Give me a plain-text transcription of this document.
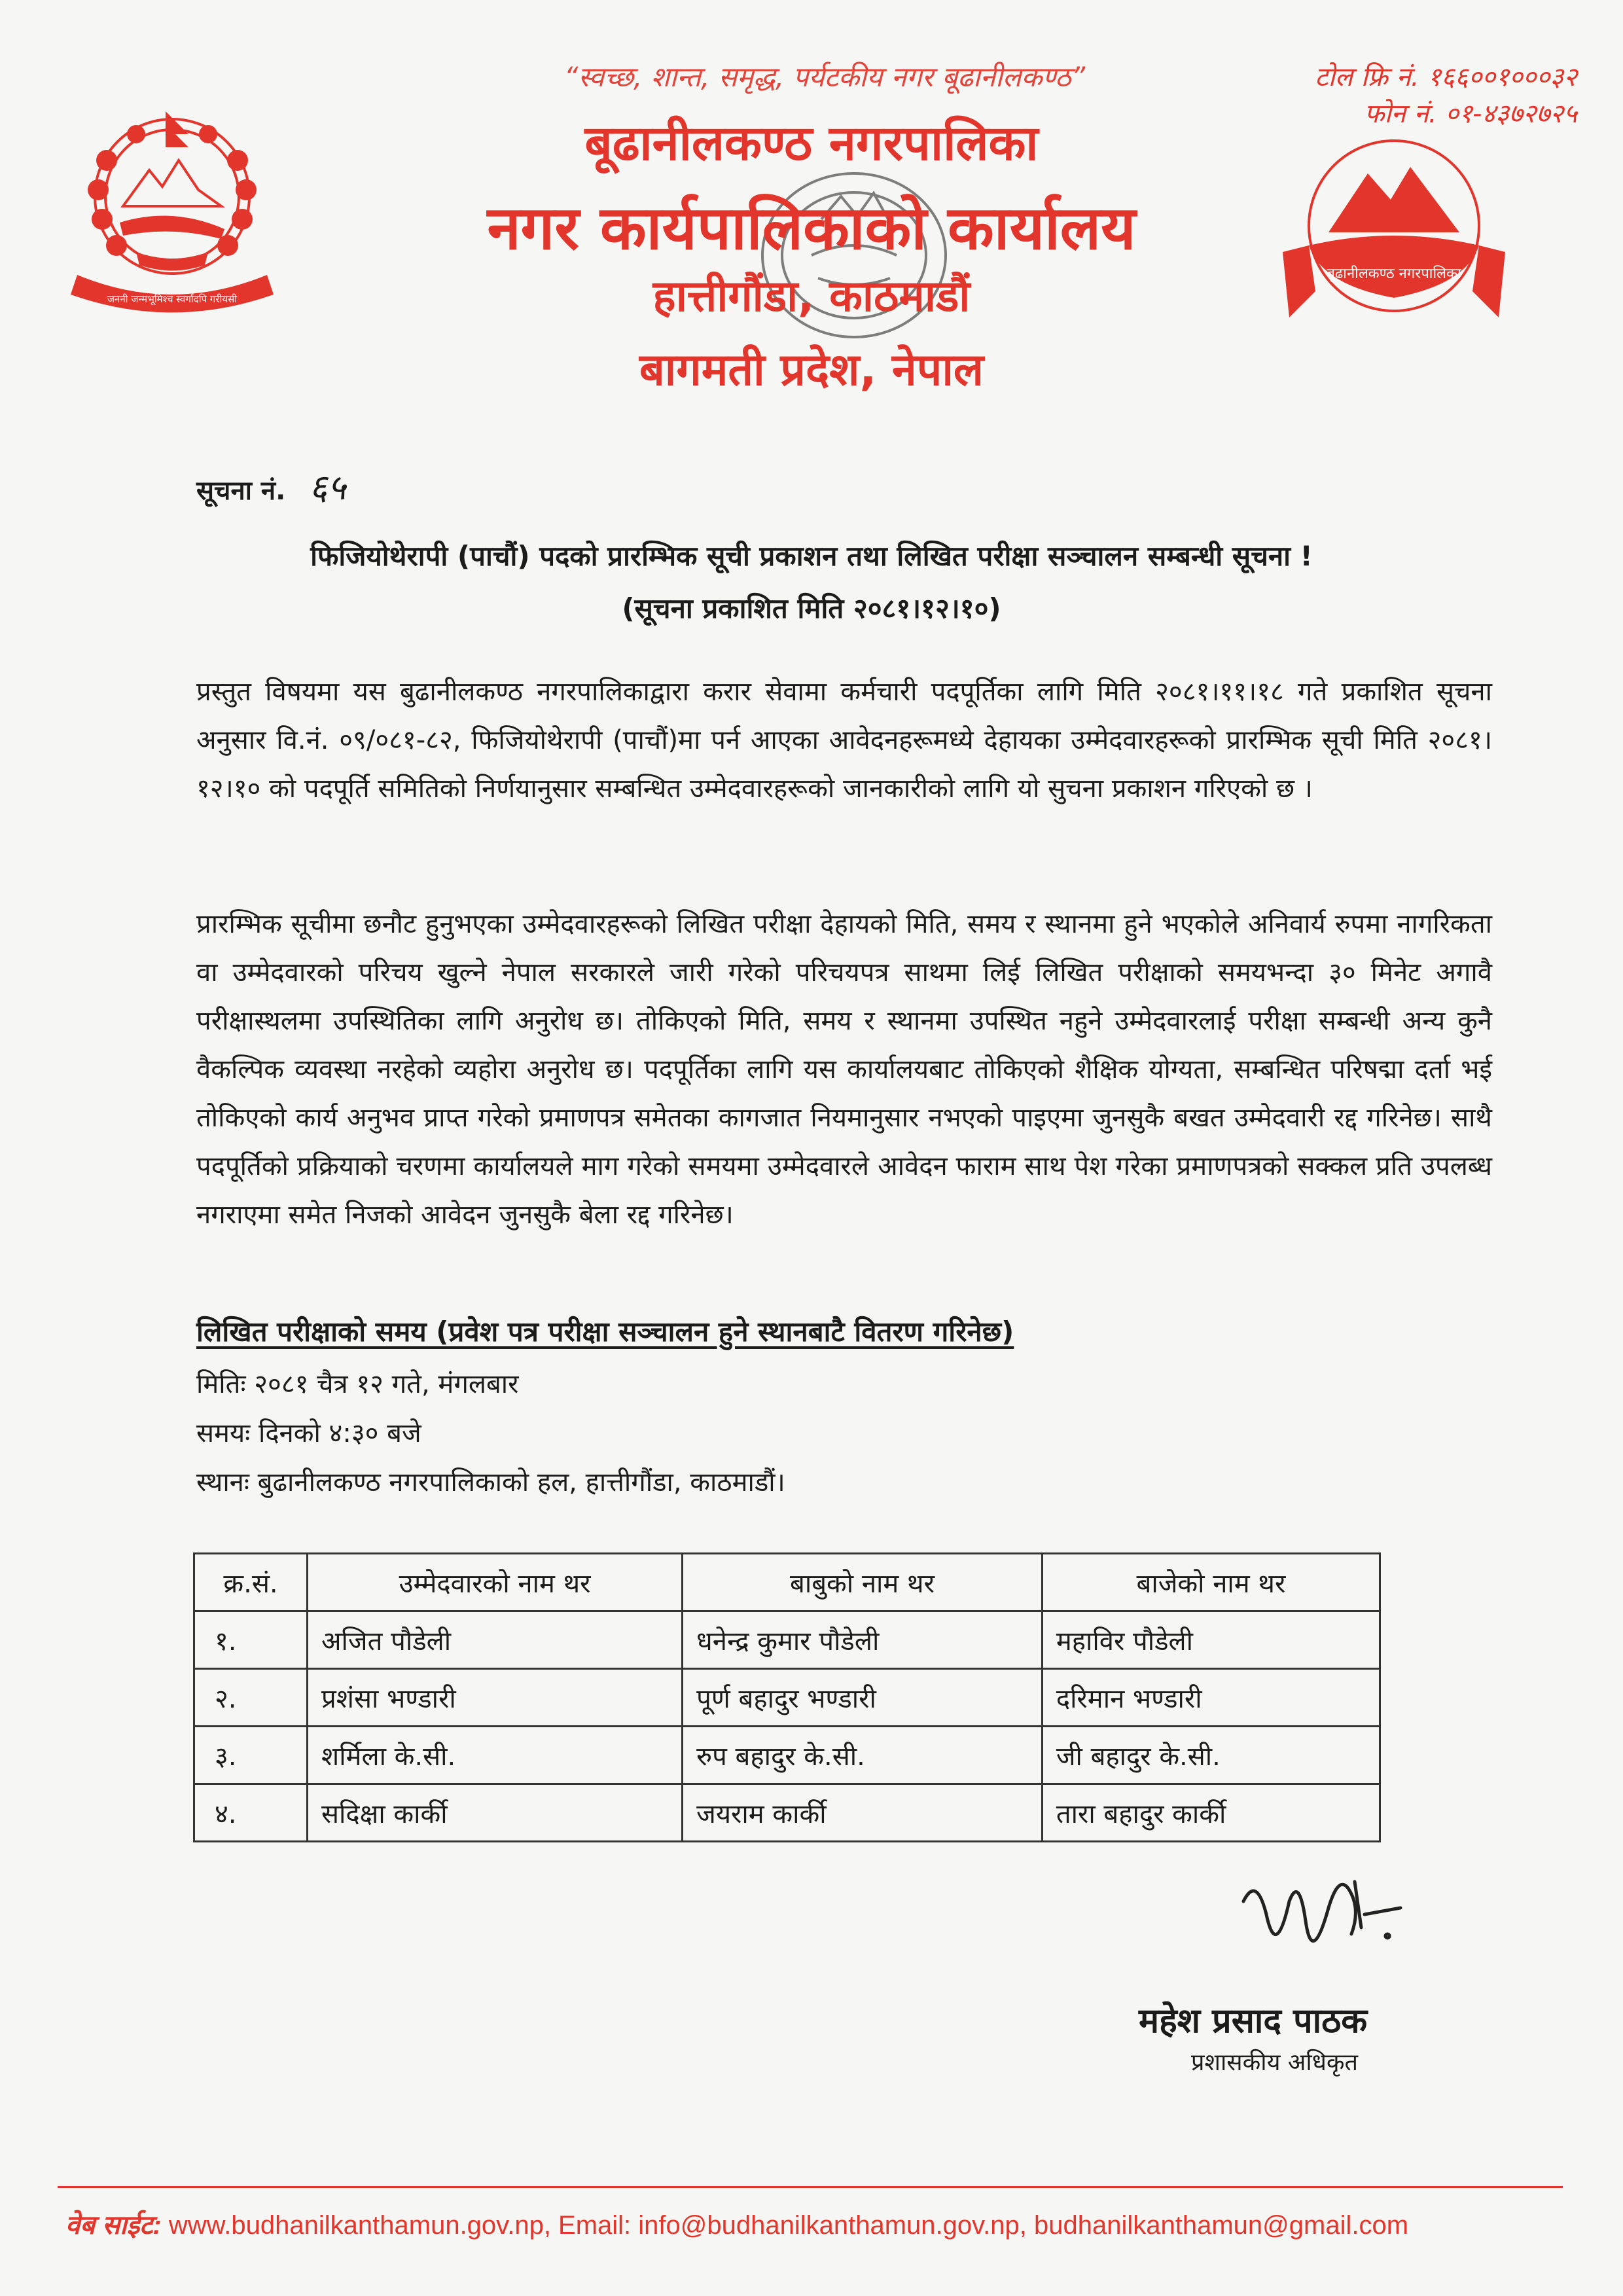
जननी जन्मभूमिश्च स्वर्गादपि गरीयसी
बूढानीलकण्ठ नगरपालिका
“स्वच्छ, शान्त, समृद्ध, पर्यटकीय नगर बूढानीलकण्ठ”	टोल फ्रि नं. १६६००१०००३२
फोन नं. ०१-४३७२७२५
बूढानीलकण्ठ नगरपालिका
नगर कार्यपालिकाको कार्यालय
हात्तीगौंडा, काठमाडौं
बागमती प्रदेश, नेपाल
सूचना नं. ६५
फिजियोथेरापी (पाचौं) पदको प्रारम्भिक सूची प्रकाशन तथा लिखित परीक्षा सञ्चालन सम्बन्धी सूचना !
(सूचना प्रकाशित मिति २०८१।१२।१०)

प्रस्तुत विषयमा यस बुढानीलकण्ठ नगरपालिकाद्वारा करार सेवामा कर्मचारी पदपूर्तिका लागि मिति २०८१।११।१८ गते प्रकाशित सूचना अनुसार वि.नं. ०९/०८१-८२, फिजियोथेरापी (पाचौं)मा पर्न आएका आवेदनहरूमध्ये देहायका उम्मेदवारहरूको प्रारम्भिक सूची मिति २०८१।१२।१० को पदपूर्ति समितिको निर्णयानुसार सम्बन्धित उम्मेदवारहरूको जानकारीको लागि यो सुचना प्रकाशन गरिएको छ ।

प्रारम्भिक सूचीमा छनौट हुनुभएका उम्मेदवारहरूको लिखित परीक्षा देहायको मिति, समय र स्थानमा हुने भएकोले अनिवार्य रुपमा नागरिकता वा उम्मेदवारको परिचय खुल्ने नेपाल सरकारले जारी गरेको परिचयपत्र साथमा लिई लिखित परीक्षाको समयभन्दा ३० मिनेट अगावै परीक्षास्थलमा उपस्थितिका लागि अनुरोध छ। तोकिएको मिति, समय र स्थानमा उपस्थित नहुने उम्मेदवारलाई परीक्षा सम्बन्धी अन्य कुनै वैकल्पिक व्यवस्था नरहेको व्यहोरा अनुरोध छ। पदपूर्तिका लागि यस कार्यालयबाट तोकिएको शैक्षिक योग्यता, सम्बन्धित परिषद्मा दर्ता भई तोकिएको कार्य अनुभव प्राप्त गरेको प्रमाणपत्र समेतका कागजात नियमानुसार नभएको पाइएमा जुनसुकै बखत उम्मेदवारी रद्द गरिनेछ। साथै पदपूर्तिको प्रक्रियाको चरणमा कार्यालयले माग गरेको समयमा उम्मेदवारले आवेदन फाराम साथ पेश गरेका प्रमाणपत्रको सक्कल प्रति उपलब्ध नगराएमा समेत निजको आवेदन जुनसुकै बेला रद्द गरिनेछ।

लिखित परीक्षाको समय (प्रवेश पत्र परीक्षा सञ्चालन हुने स्थानबाटै वितरण गरिनेछ)
मितिः २०८१ चैत्र १२ गते, मंगलबार
समयः दिनको ४:३० बजे
स्थानः बुढानीलकण्ठ नगरपालिकाको हल, हात्तीगौंडा, काठमाडौं।
क्र.सं.	उम्मेदवारको नाम थर	बाबुको नाम थर	बाजेको नाम थर
१.	अजित पौडेली	धनेन्द्र कुमार पौडेली	महाविर पौडेली
२.	प्रशंसा भण्डारी	पूर्ण बहादुर भण्डारी	दरिमान भण्डारी
३.	शर्मिला के.सी.	रुप बहादुर के.सी.	जी बहादुर के.सी.
४.	सदिक्षा कार्की	जयराम कार्की	तारा बहादुर कार्की
महेश प्रसाद पाठक
प्रशासकीय अधिकृत
वेब साईट: www.budhanilkanthamun.gov.np, Email: info@budhanilkanthamun.gov.np, budhanilkanthamun@gmail.com
